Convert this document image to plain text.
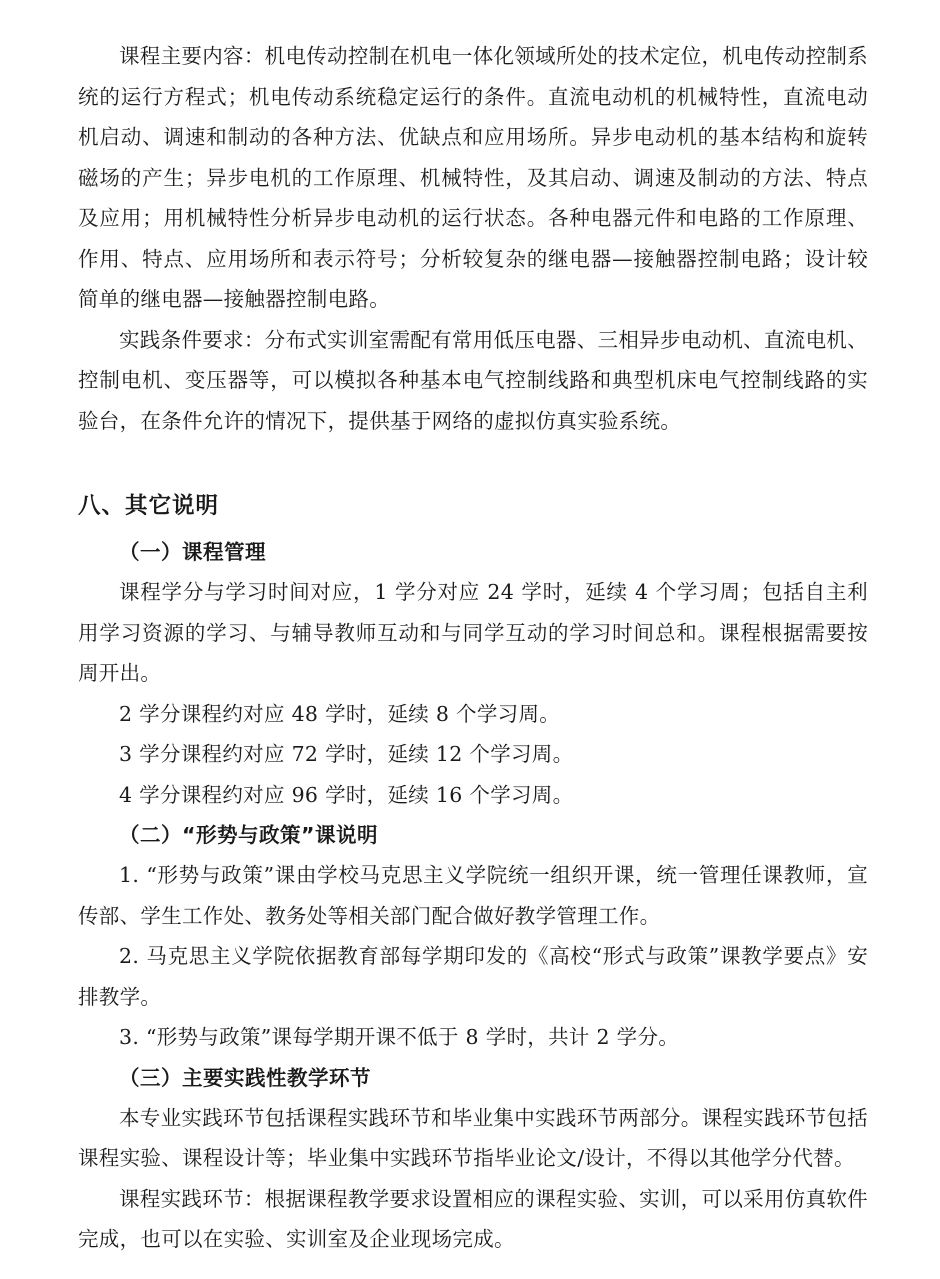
课程主要内容：机电传动控制在机电一体化领域所处的技术定位，机电传动控制系统的运行方程式；机电传动系统稳定运行的条件。直流电动机的机械特性，直流电动机启动、调速和制动的各种方法、优缺点和应用场所。异步电动机的基本结构和旋转磁场的产生；异步电机的工作原理、机械特性，及其启动、调速及制动的方法、特点及应用；用机械特性分析异步电动机的运行状态。各种电器元件和电路的工作原理、作用、特点、应用场所和表示符号；分析较复杂的继电器—接触器控制电路；设计较简单的继电器—接触器控制电路。

实践条件要求：分布式实训室需配有常用低压电器、三相异步电动机、直流电机、控制电机、变压器等，可以模拟各种基本电气控制线路和典型机床电气控制线路的实验台，在条件允许的情况下，提供基于网络的虚拟仿真实验系统。

八、其它说明
（一）课程管理

课程学分与学习时间对应，1 学分对应 24 学时，延续 4 个学习周；包括自主利用学习资源的学习、与辅导教师互动和与同学互动的学习时间总和。课程根据需要按周开出。

2 学分课程约对应 48 学时，延续 8 个学习周。

3 学分课程约对应 72 学时，延续 12 个学习周。

4 学分课程约对应 96 学时，延续 16 个学习周。

（二）“形势与政策”课说明

1. “形势与政策”课由学校马克思主义学院统一组织开课，统一管理任课教师，宣传部、学生工作处、教务处等相关部门配合做好教学管理工作。

2. 马克思主义学院依据教育部每学期印发的《高校“形式与政策”课教学要点》安排教学。

3. “形势与政策”课每学期开课不低于 8 学时，共计 2 学分。

（三）主要实践性教学环节

本专业实践环节包括课程实践环节和毕业集中实践环节两部分。课程实践环节包括课程实验、课程设计等；毕业集中实践环节指毕业论文/设计，不得以其他学分代替。

课程实践环节：根据课程教学要求设置相应的课程实验、实训，可以采用仿真软件完成，也可以在实验、实训室及企业现场完成。
